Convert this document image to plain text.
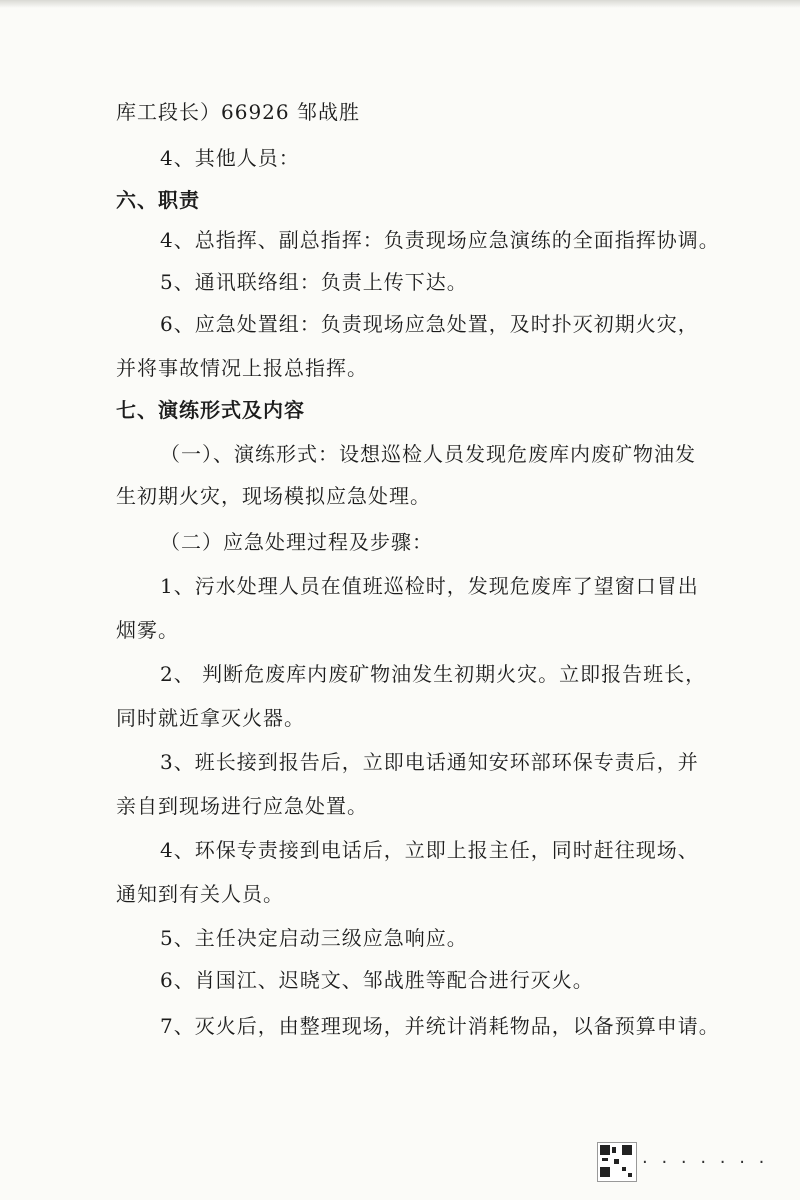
库工段长）66926 邹战胜
4、其他人员：
六、职责
4、总指挥、副总指挥：负责现场应急演练的全面指挥协调。
5、通讯联络组：负责上传下达。
6、应急处置组：负责现场应急处置，及时扑灭初期火灾，
并将事故情况上报总指挥。
七、演练形式及内容
（一）、演练形式：设想巡检人员发现危废库内废矿物油发
生初期火灾，现场模拟应急处理。
（二）应急处理过程及步骤：
1、污水处理人员在值班巡检时，发现危废库了望窗口冒出
烟雾。
2、 判断危废库内废矿物油发生初期火灾。立即报告班长，
同时就近拿灭火器。
3、班长接到报告后，立即电话通知安环部环保专责后，并
亲自到现场进行应急处置。
4、环保专责接到电话后，立即上报主任，同时赶往现场、
通知到有关人员。
5、主任决定启动三级应急响应。
6、肖国江、迟晓文、邹战胜等配合进行灭火。
7、灭火后，由整理现场，并统计消耗物品，以备预算申请。
· · · · · · ·
